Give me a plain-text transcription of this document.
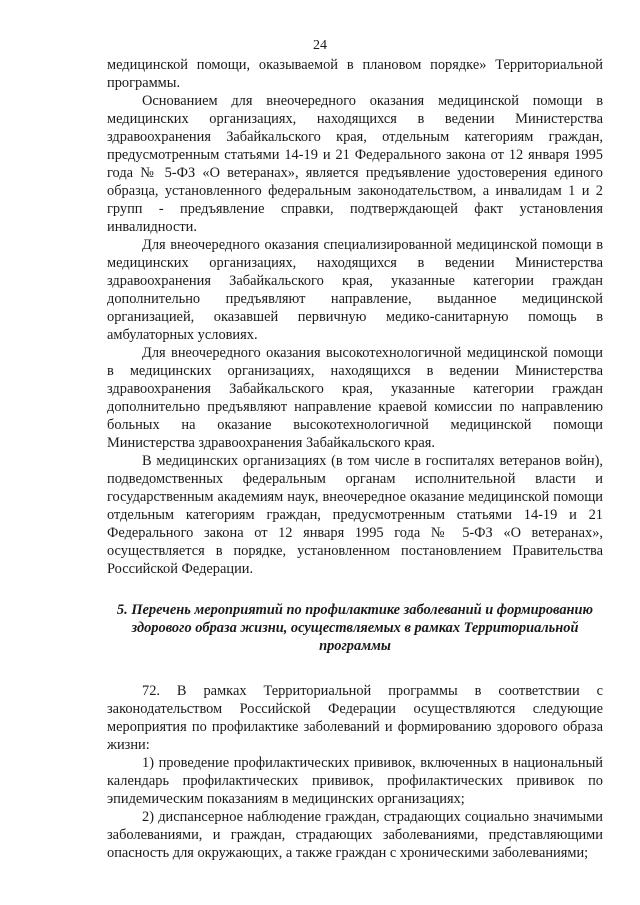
24

медицинской помощи, оказываемой в плановом порядке» Территориальной программы.

Основанием для внеочередного оказания медицинской помощи в медицинских организациях, находящихся в ведении Министерства здравоохранения Забайкальского края, отдельным категориям граждан, предусмотренным статьями 14-19 и 21 Федерального закона от 12 января 1995 года № 5-ФЗ «О ветеранах», является предъявление удостоверения единого образца, установленного федеральным законодательством, а инвалидам 1 и 2 групп - предъявление справки, подтверждающей факт установления инвалидности.

Для внеочередного оказания специализированной медицинской помощи в медицинских организациях, находящихся в ведении Министерства здравоохранения Забайкальского края, указанные категории граждан дополнительно предъявляют направление, выданное медицинской организацией, оказавшей первичную медико-санитарную помощь в амбулаторных условиях.

Для внеочередного оказания высокотехнологичной медицинской помощи в медицинских организациях, находящихся в ведении Министерства здравоохранения Забайкальского края, указанные категории граждан дополнительно предъявляют направление краевой комиссии по направлению больных на оказание высокотехнологичной медицинской помощи Министерства здравоохранения Забайкальского края.

В медицинских организациях (в том числе в госпиталях ветеранов войн), подведомственных федеральным органам исполнительной власти и государственным академиям наук, внеочередное оказание медицинской помощи отдельным категориям граждан, предусмотренным статьями 14-19 и 21 Федерального закона от 12 января 1995 года № 5-ФЗ «О ветеранах», осуществляется в порядке, установленном постановлением Правительства Российской Федерации.

5. Перечень мероприятий по профилактике заболеваний и формированию здорового образа жизни, осуществляемых в рамках Территориальной программы

72. В рамках Территориальной программы в соответствии с законодательством Российской Федерации осуществляются следующие мероприятия по профилактике заболеваний и формированию здорового образа жизни:

1) проведение профилактических прививок, включенных в национальный календарь профилактических прививок, профилактических прививок по эпидемическим показаниям в медицинских организациях;

2) диспансерное наблюдение граждан, страдающих социально значимыми заболеваниями, и граждан, страдающих заболеваниями, представляющими опасность для окружающих, а также граждан с хроническими заболеваниями;
